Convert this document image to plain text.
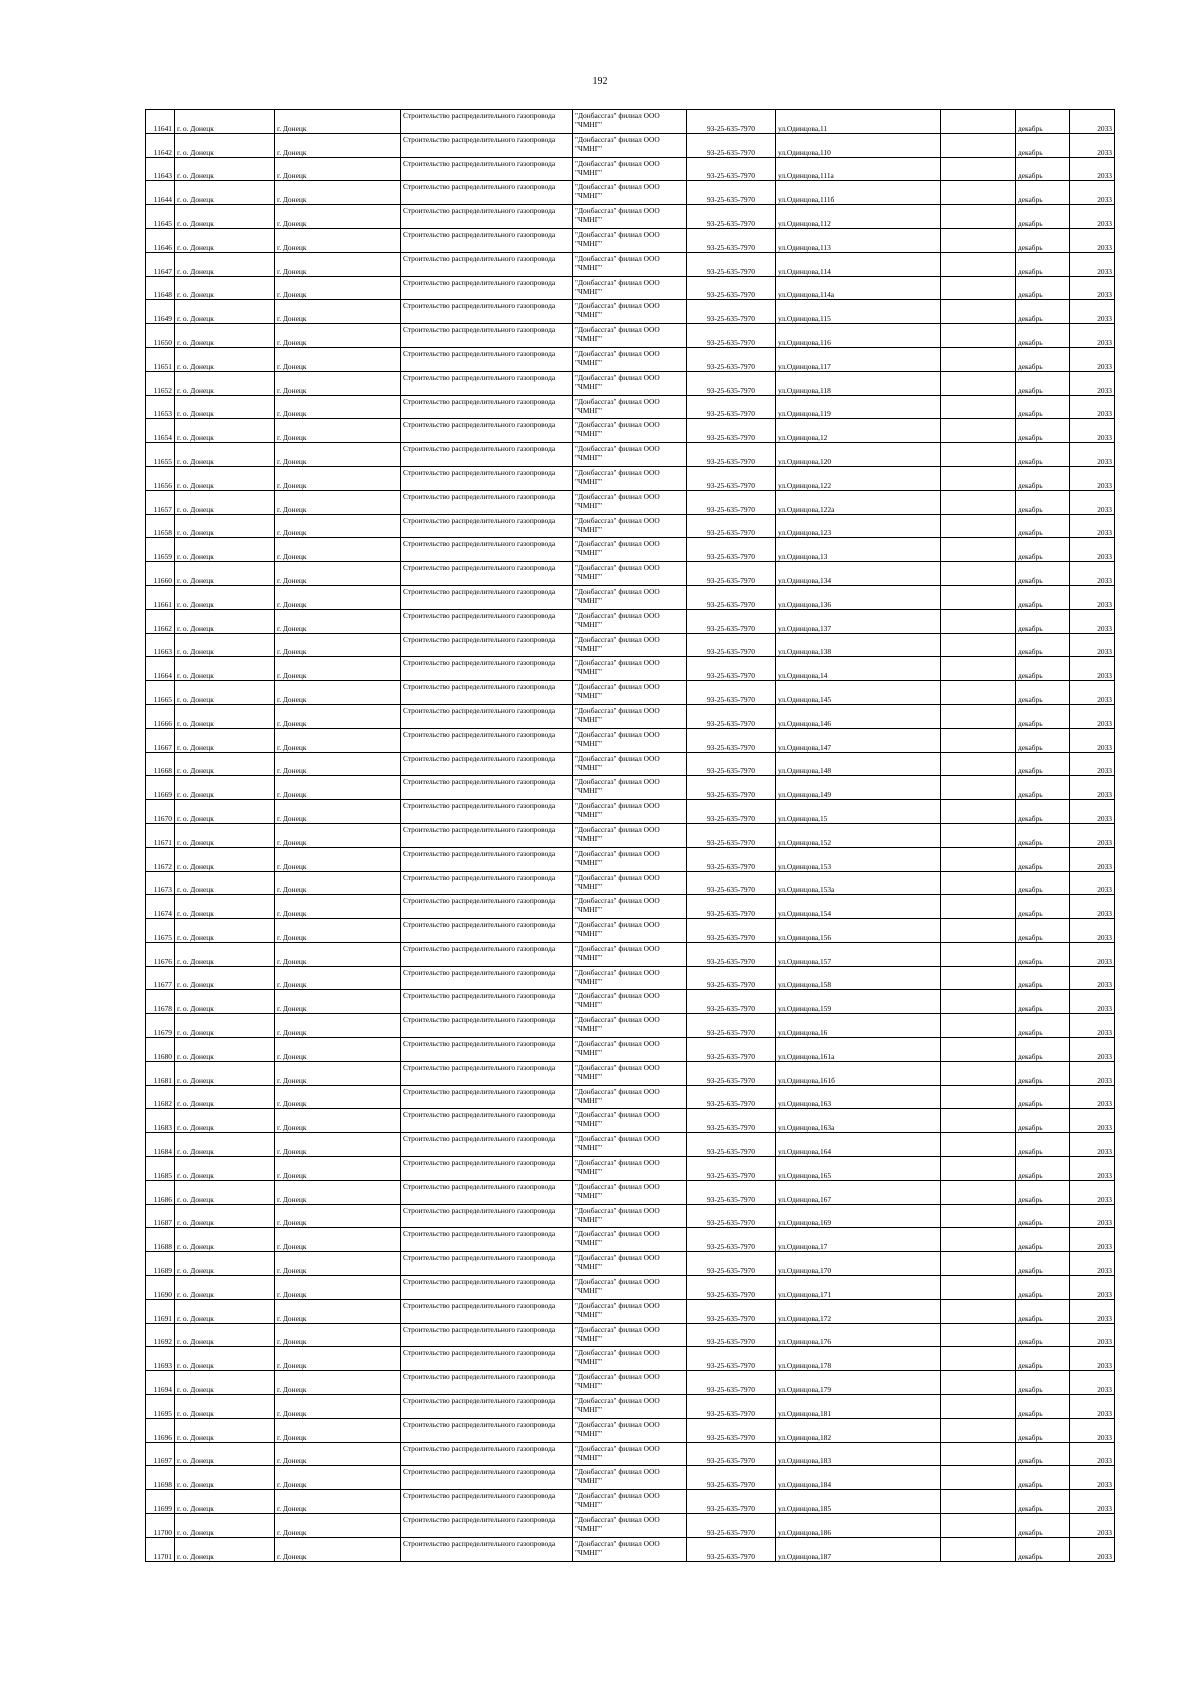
192
11641	г. о. Донецк	г. Донецк	Строительство распределительного газопровода	"Донбассгаз" филиал ООО "ЧМНГ"	93-25-635-7970	ул.Одинцова,11		декабрь	2033
11642	г. о. Донецк	г. Донецк	Строительство распределительного газопровода	"Донбассгаз" филиал ООО "ЧМНГ"	93-25-635-7970	ул.Одинцова,110		декабрь	2033
11643	г. о. Донецк	г. Донецк	Строительство распределительного газопровода	"Донбассгаз" филиал ООО "ЧМНГ"	93-25-635-7970	ул.Одинцова,111а		декабрь	2033
11644	г. о. Донецк	г. Донецк	Строительство распределительного газопровода	"Донбассгаз" филиал ООО "ЧМНГ"	93-25-635-7970	ул.Одинцова,111б		декабрь	2033
11645	г. о. Донецк	г. Донецк	Строительство распределительного газопровода	"Донбассгаз" филиал ООО "ЧМНГ"	93-25-635-7970	ул.Одинцова,112		декабрь	2033
11646	г. о. Донецк	г. Донецк	Строительство распределительного газопровода	"Донбассгаз" филиал ООО "ЧМНГ"	93-25-635-7970	ул.Одинцова,113		декабрь	2033
11647	г. о. Донецк	г. Донецк	Строительство распределительного газопровода	"Донбассгаз" филиал ООО "ЧМНГ"	93-25-635-7970	ул.Одинцова,114		декабрь	2033
11648	г. о. Донецк	г. Донецк	Строительство распределительного газопровода	"Донбассгаз" филиал ООО "ЧМНГ"	93-25-635-7970	ул.Одинцова,114а		декабрь	2033
11649	г. о. Донецк	г. Донецк	Строительство распределительного газопровода	"Донбассгаз" филиал ООО "ЧМНГ"	93-25-635-7970	ул.Одинцова,115		декабрь	2033
11650	г. о. Донецк	г. Донецк	Строительство распределительного газопровода	"Донбассгаз" филиал ООО "ЧМНГ"	93-25-635-7970	ул.Одинцова,116		декабрь	2033
11651	г. о. Донецк	г. Донецк	Строительство распределительного газопровода	"Донбассгаз" филиал ООО "ЧМНГ"	93-25-635-7970	ул.Одинцова,117		декабрь	2033
11652	г. о. Донецк	г. Донецк	Строительство распределительного газопровода	"Донбассгаз" филиал ООО "ЧМНГ"	93-25-635-7970	ул.Одинцова,118		декабрь	2033
11653	г. о. Донецк	г. Донецк	Строительство распределительного газопровода	"Донбассгаз" филиал ООО "ЧМНГ"	93-25-635-7970	ул.Одинцова,119		декабрь	2033
11654	г. о. Донецк	г. Донецк	Строительство распределительного газопровода	"Донбассгаз" филиал ООО "ЧМНГ"	93-25-635-7970	ул.Одинцова,12		декабрь	2033
11655	г. о. Донецк	г. Донецк	Строительство распределительного газопровода	"Донбассгаз" филиал ООО "ЧМНГ"	93-25-635-7970	ул.Одинцова,120		декабрь	2033
11656	г. о. Донецк	г. Донецк	Строительство распределительного газопровода	"Донбассгаз" филиал ООО "ЧМНГ"	93-25-635-7970	ул.Одинцова,122		декабрь	2033
11657	г. о. Донецк	г. Донецк	Строительство распределительного газопровода	"Донбассгаз" филиал ООО "ЧМНГ"	93-25-635-7970	ул.Одинцова,122а		декабрь	2033
11658	г. о. Донецк	г. Донецк	Строительство распределительного газопровода	"Донбассгаз" филиал ООО "ЧМНГ"	93-25-635-7970	ул.Одинцова,123		декабрь	2033
11659	г. о. Донецк	г. Донецк	Строительство распределительного газопровода	"Донбассгаз" филиал ООО "ЧМНГ"	93-25-635-7970	ул.Одинцова,13		декабрь	2033
11660	г. о. Донецк	г. Донецк	Строительство распределительного газопровода	"Донбассгаз" филиал ООО "ЧМНГ"	93-25-635-7970	ул.Одинцова,134		декабрь	2033
11661	г. о. Донецк	г. Донецк	Строительство распределительного газопровода	"Донбассгаз" филиал ООО "ЧМНГ"	93-25-635-7970	ул.Одинцова,136		декабрь	2033
11662	г. о. Донецк	г. Донецк	Строительство распределительного газопровода	"Донбассгаз" филиал ООО "ЧМНГ"	93-25-635-7970	ул.Одинцова,137		декабрь	2033
11663	г. о. Донецк	г. Донецк	Строительство распределительного газопровода	"Донбассгаз" филиал ООО "ЧМНГ"	93-25-635-7970	ул.Одинцова,138		декабрь	2033
11664	г. о. Донецк	г. Донецк	Строительство распределительного газопровода	"Донбассгаз" филиал ООО "ЧМНГ"	93-25-635-7970	ул.Одинцова,14		декабрь	2033
11665	г. о. Донецк	г. Донецк	Строительство распределительного газопровода	"Донбассгаз" филиал ООО "ЧМНГ"	93-25-635-7970	ул.Одинцова,145		декабрь	2033
11666	г. о. Донецк	г. Донецк	Строительство распределительного газопровода	"Донбассгаз" филиал ООО "ЧМНГ"	93-25-635-7970	ул.Одинцова,146		декабрь	2033
11667	г. о. Донецк	г. Донецк	Строительство распределительного газопровода	"Донбассгаз" филиал ООО "ЧМНГ"	93-25-635-7970	ул.Одинцова,147		декабрь	2033
11668	г. о. Донецк	г. Донецк	Строительство распределительного газопровода	"Донбассгаз" филиал ООО "ЧМНГ"	93-25-635-7970	ул.Одинцова,148		декабрь	2033
11669	г. о. Донецк	г. Донецк	Строительство распределительного газопровода	"Донбассгаз" филиал ООО "ЧМНГ"	93-25-635-7970	ул.Одинцова,149		декабрь	2033
11670	г. о. Донецк	г. Донецк	Строительство распределительного газопровода	"Донбассгаз" филиал ООО "ЧМНГ"	93-25-635-7970	ул.Одинцова,15		декабрь	2033
11671	г. о. Донецк	г. Донецк	Строительство распределительного газопровода	"Донбассгаз" филиал ООО "ЧМНГ"	93-25-635-7970	ул.Одинцова,152		декабрь	2033
11672	г. о. Донецк	г. Донецк	Строительство распределительного газопровода	"Донбассгаз" филиал ООО "ЧМНГ"	93-25-635-7970	ул.Одинцова,153		декабрь	2033
11673	г. о. Донецк	г. Донецк	Строительство распределительного газопровода	"Донбассгаз" филиал ООО "ЧМНГ"	93-25-635-7970	ул.Одинцова,153а		декабрь	2033
11674	г. о. Донецк	г. Донецк	Строительство распределительного газопровода	"Донбассгаз" филиал ООО "ЧМНГ"	93-25-635-7970	ул.Одинцова,154		декабрь	2033
11675	г. о. Донецк	г. Донецк	Строительство распределительного газопровода	"Донбассгаз" филиал ООО "ЧМНГ"	93-25-635-7970	ул.Одинцова,156		декабрь	2033
11676	г. о. Донецк	г. Донецк	Строительство распределительного газопровода	"Донбассгаз" филиал ООО "ЧМНГ"	93-25-635-7970	ул.Одинцова,157		декабрь	2033
11677	г. о. Донецк	г. Донецк	Строительство распределительного газопровода	"Донбассгаз" филиал ООО "ЧМНГ"	93-25-635-7970	ул.Одинцова,158		декабрь	2033
11678	г. о. Донецк	г. Донецк	Строительство распределительного газопровода	"Донбассгаз" филиал ООО "ЧМНГ"	93-25-635-7970	ул.Одинцова,159		декабрь	2033
11679	г. о. Донецк	г. Донецк	Строительство распределительного газопровода	"Донбассгаз" филиал ООО "ЧМНГ"	93-25-635-7970	ул.Одинцова,16		декабрь	2033
11680	г. о. Донецк	г. Донецк	Строительство распределительного газопровода	"Донбассгаз" филиал ООО "ЧМНГ"	93-25-635-7970	ул.Одинцова,161а		декабрь	2033
11681	г. о. Донецк	г. Донецк	Строительство распределительного газопровода	"Донбассгаз" филиал ООО "ЧМНГ"	93-25-635-7970	ул.Одинцова,161б		декабрь	2033
11682	г. о. Донецк	г. Донецк	Строительство распределительного газопровода	"Донбассгаз" филиал ООО "ЧМНГ"	93-25-635-7970	ул.Одинцова,163		декабрь	2033
11683	г. о. Донецк	г. Донецк	Строительство распределительного газопровода	"Донбассгаз" филиал ООО "ЧМНГ"	93-25-635-7970	ул.Одинцова,163а		декабрь	2033
11684	г. о. Донецк	г. Донецк	Строительство распределительного газопровода	"Донбассгаз" филиал ООО "ЧМНГ"	93-25-635-7970	ул.Одинцова,164		декабрь	2033
11685	г. о. Донецк	г. Донецк	Строительство распределительного газопровода	"Донбассгаз" филиал ООО "ЧМНГ"	93-25-635-7970	ул.Одинцова,165		декабрь	2033
11686	г. о. Донецк	г. Донецк	Строительство распределительного газопровода	"Донбассгаз" филиал ООО "ЧМНГ"	93-25-635-7970	ул.Одинцова,167		декабрь	2033
11687	г. о. Донецк	г. Донецк	Строительство распределительного газопровода	"Донбассгаз" филиал ООО "ЧМНГ"	93-25-635-7970	ул.Одинцова,169		декабрь	2033
11688	г. о. Донецк	г. Донецк	Строительство распределительного газопровода	"Донбассгаз" филиал ООО "ЧМНГ"	93-25-635-7970	ул.Одинцова,17		декабрь	2033
11689	г. о. Донецк	г. Донецк	Строительство распределительного газопровода	"Донбассгаз" филиал ООО "ЧМНГ"	93-25-635-7970	ул.Одинцова,170		декабрь	2033
11690	г. о. Донецк	г. Донецк	Строительство распределительного газопровода	"Донбассгаз" филиал ООО "ЧМНГ"	93-25-635-7970	ул.Одинцова,171		декабрь	2033
11691	г. о. Донецк	г. Донецк	Строительство распределительного газопровода	"Донбассгаз" филиал ООО "ЧМНГ"	93-25-635-7970	ул.Одинцова,172		декабрь	2033
11692	г. о. Донецк	г. Донецк	Строительство распределительного газопровода	"Донбассгаз" филиал ООО "ЧМНГ"	93-25-635-7970	ул.Одинцова,176		декабрь	2033
11693	г. о. Донецк	г. Донецк	Строительство распределительного газопровода	"Донбассгаз" филиал ООО "ЧМНГ"	93-25-635-7970	ул.Одинцова,178		декабрь	2033
11694	г. о. Донецк	г. Донецк	Строительство распределительного газопровода	"Донбассгаз" филиал ООО "ЧМНГ"	93-25-635-7970	ул.Одинцова,179		декабрь	2033
11695	г. о. Донецк	г. Донецк	Строительство распределительного газопровода	"Донбассгаз" филиал ООО "ЧМНГ"	93-25-635-7970	ул.Одинцова,181		декабрь	2033
11696	г. о. Донецк	г. Донецк	Строительство распределительного газопровода	"Донбассгаз" филиал ООО "ЧМНГ"	93-25-635-7970	ул.Одинцова,182		декабрь	2033
11697	г. о. Донецк	г. Донецк	Строительство распределительного газопровода	"Донбассгаз" филиал ООО "ЧМНГ"	93-25-635-7970	ул.Одинцова,183		декабрь	2033
11698	г. о. Донецк	г. Донецк	Строительство распределительного газопровода	"Донбассгаз" филиал ООО "ЧМНГ"	93-25-635-7970	ул.Одинцова,184		декабрь	2033
11699	г. о. Донецк	г. Донецк	Строительство распределительного газопровода	"Донбассгаз" филиал ООО "ЧМНГ"	93-25-635-7970	ул.Одинцова,185		декабрь	2033
11700	г. о. Донецк	г. Донецк	Строительство распределительного газопровода	"Донбассгаз" филиал ООО "ЧМНГ"	93-25-635-7970	ул.Одинцова,186		декабрь	2033
11701	г. о. Донецк	г. Донецк	Строительство распределительного газопровода	"Донбассгаз" филиал ООО "ЧМНГ"	93-25-635-7970	ул.Одинцова,187		декабрь	2033
